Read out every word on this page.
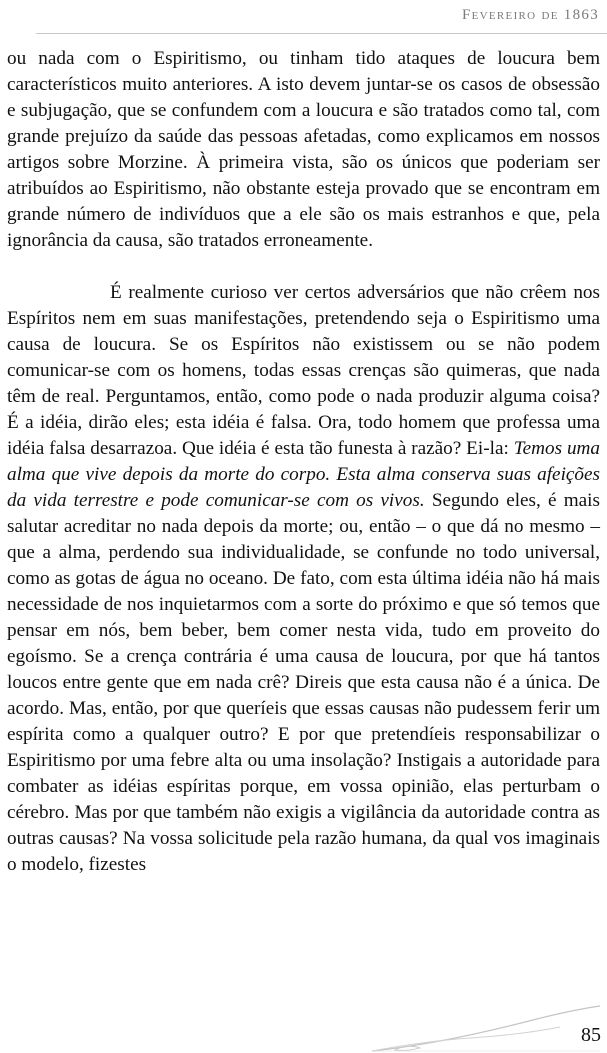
Fevereiro de 1863

ou nada com o Espiritismo, ou tinham tido ataques de loucura bem característicos muito anteriores. A isto devem juntar-se os casos de obsessão e subjugação, que se confundem com a loucura e são tratados como tal, com grande prejuízo da saúde das pessoas afetadas, como explicamos em nossos artigos sobre Morzine. À primeira vista, são os únicos que poderiam ser atribuídos ao Espiritismo, não obstante esteja provado que se encontram em grande número de indivíduos que a ele são os mais estranhos e que, pela ignorância da causa, são tratados erroneamente.

É realmente curioso ver certos adversários que não crêem nos Espíritos nem em suas manifestações, pretendendo seja o Espiritismo uma causa de loucura. Se os Espíritos não existissem ou se não podem comunicar-se com os homens, todas essas crenças são quimeras, que nada têm de real. Perguntamos, então, como pode o nada produzir alguma coisa? É a idéia, dirão eles; esta idéia é falsa. Ora, todo homem que professa uma idéia falsa desarrazoa. Que idéia é esta tão funesta à razão? Ei-la: Temos uma alma que vive depois da morte do corpo. Esta alma conserva suas afeições da vida terrestre e pode comunicar-se com os vivos. Segundo eles, é mais salutar acreditar no nada depois da morte; ou, então – o que dá no mesmo – que a alma, perdendo sua individualidade, se confunde no todo universal, como as gotas de água no oceano. De fato, com esta última idéia não há mais necessidade de nos inquietarmos com a sorte do próximo e que só temos que pensar em nós, bem beber, bem comer nesta vida, tudo em proveito do egoísmo. Se a crença contrária é uma causa de loucura, por que há tantos loucos entre gente que em nada crê? Direis que esta causa não é a única. De acordo. Mas, então, por que queríeis que essas causas não pudessem ferir um espírita como a qualquer outro? E por que pretendíeis responsabilizar o Espiritismo por uma febre alta ou uma insolação? Instigais a autoridade para combater as idéias espíritas porque, em vossa opinião, elas perturbam o cérebro. Mas por que também não exigis a vigilância da autoridade contra as outras causas? Na vossa solicitude pela razão humana, da qual vos imaginais o modelo, fizestes

85
